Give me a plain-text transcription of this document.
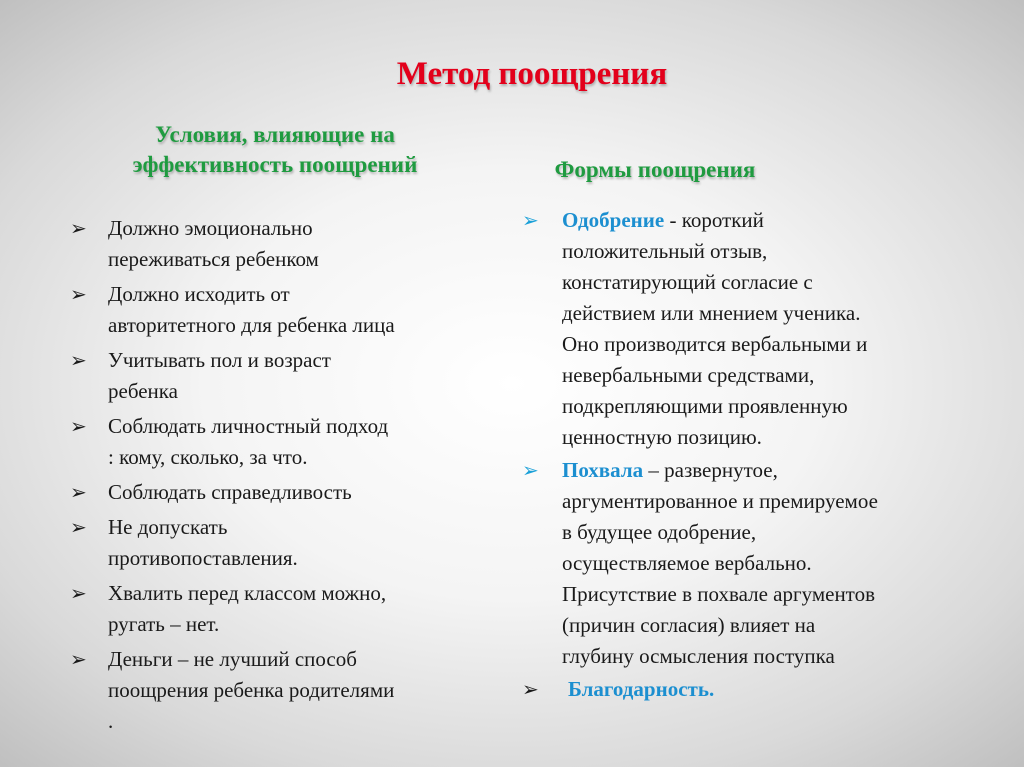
Метод поощрения
Условия, влияющие на
эффективность поощрений	Формы поощрения
➢ Должно эмоционально
переживаться ребенком
➢ Должно исходить от
авторитетного для ребенка лица
➢ Учитывать пол и возраст
ребенка
➢ Соблюдать личностный подход
: кому, сколько, за что.
➢ Соблюдать справедливость
➢ Не допускать
противопоставления.
➢ Хвалить перед классом можно,
ругать – нет.
➢ Деньги – не лучший способ
поощрения ребенка родителями
.
➢ Одобрение - короткий
положительный отзыв,
констатирующий согласие с
действием или мнением ученика.
Оно производится вербальными и
невербальными средствами,
подкрепляющими проявленную
ценностную позицию.
➢ Похвала – развернутое,
аргументированное и премируемое
в будущее одобрение,
осуществляемое вербально.
Присутствие в похвале аргументов
(причин согласия) влияет на
глубину осмысления поступка
➢ Благодарность.
